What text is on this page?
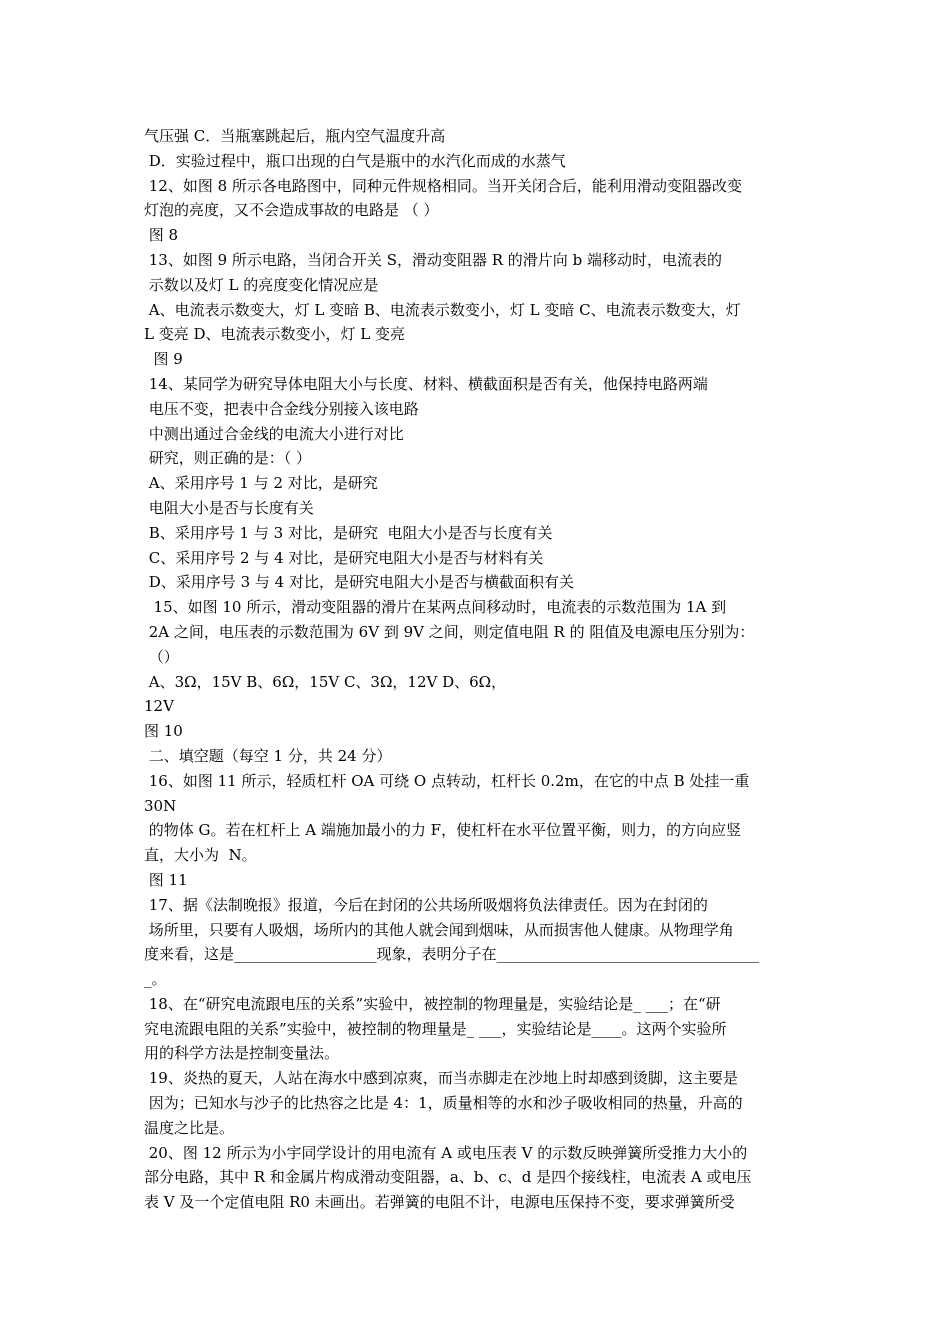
气压强 C．当瓶塞跳起后，瓶内空气温度升高
D．实验过程中，瓶口出现的白气是瓶中的水汽化而成的水蒸气
12、如图 8 所示各电路图中，同种元件规格相同。当开关闭合后，能利用滑动变阻器改变
灯泡的亮度，又不会造成事故的电路是 （ ）
图 8
13、如图 9 所示电路，当闭合开关 S，滑动变阻器 R 的滑片向 b 端移动时，电流表的
示数以及灯 L 的亮度变化情况应是
A、电流表示数变大，灯 L 变暗 B、电流表示数变小，灯 L 变暗 C、电流表示数变大，灯
L 变亮 D、电流表示数变小，灯 L 变亮
图 9
14、某同学为研究导体电阻大小与长度、材料、横截面积是否有关，他保持电路两端
电压不变，把表中合金线分别接入该电路
中测出通过合金线的电流大小进行对比
研究，则正确的是：（ ）
A、采用序号 1 与 2 对比，是研究
电阻大小是否与长度有关
B、采用序号 1 与 3 对比，是研究  电阻大小是否与长度有关
C、采用序号 2 与 4 对比，是研究电阻大小是否与材料有关
D、采用序号 3 与 4 对比，是研究电阻大小是否与横截面积有关
15、如图 10 所示，滑动变阻器的滑片在某两点间移动时，电流表的示数范围为 1A 到
2A 之间，电压表的示数范围为 6V 到 9V 之间，则定值电阻 R 的 阻值及电源电压分别为：
（）
A、3Ω，15V B、6Ω，15V C、3Ω，12V D、6Ω，
12V
图 10
二、填空题（每空 1 分，共 24 分）
16、如图 11 所示，轻质杠杆 OA 可绕 O 点转动，杠杆长 0.2m，在它的中点 B 处挂一重
30N
的物体 G。若在杠杆上 A 端施加最小的力 F，使杠杆在水平位置平衡，则力，的方向应竖
直，大小为  N。
图 11
17、据《法制晚报》报道，今后在封闭的公共场所吸烟将负法律责任。因为在封闭的
场所里，只要有人吸烟，场所内的其他人就会闻到烟味，从而损害他人健康。从物理学角
度来看，这是___________________现象，表明分子在___________________________________
_。
18、在“研究电流跟电压的关系”实验中，被控制的物理量是，实验结论是_ ___；在“研
究电流跟电阻的关系”实验中，被控制的物理量是_ ___，实验结论是____。这两个实验所
用的科学方法是控制变量法。
19、炎热的夏天，人站在海水中感到凉爽，而当赤脚走在沙地上时却感到烫脚，这主要是
因为；已知水与沙子的比热容之比是 4：1，质量相等的水和沙子吸收相同的热量，升高的
温度之比是。
20、图 12 所示为小宇同学设计的用电流有 A 或电压表 V 的示数反映弹簧所受推力大小的
部分电路，其中 R 和金属片构成滑动变阻器，a、b、c、d 是四个接线柱，电流表 A 或电压
表 V 及一个定值电阻 R0 未画出。若弹簧的电阻不计，电源电压保持不变，要求弹簧所受
